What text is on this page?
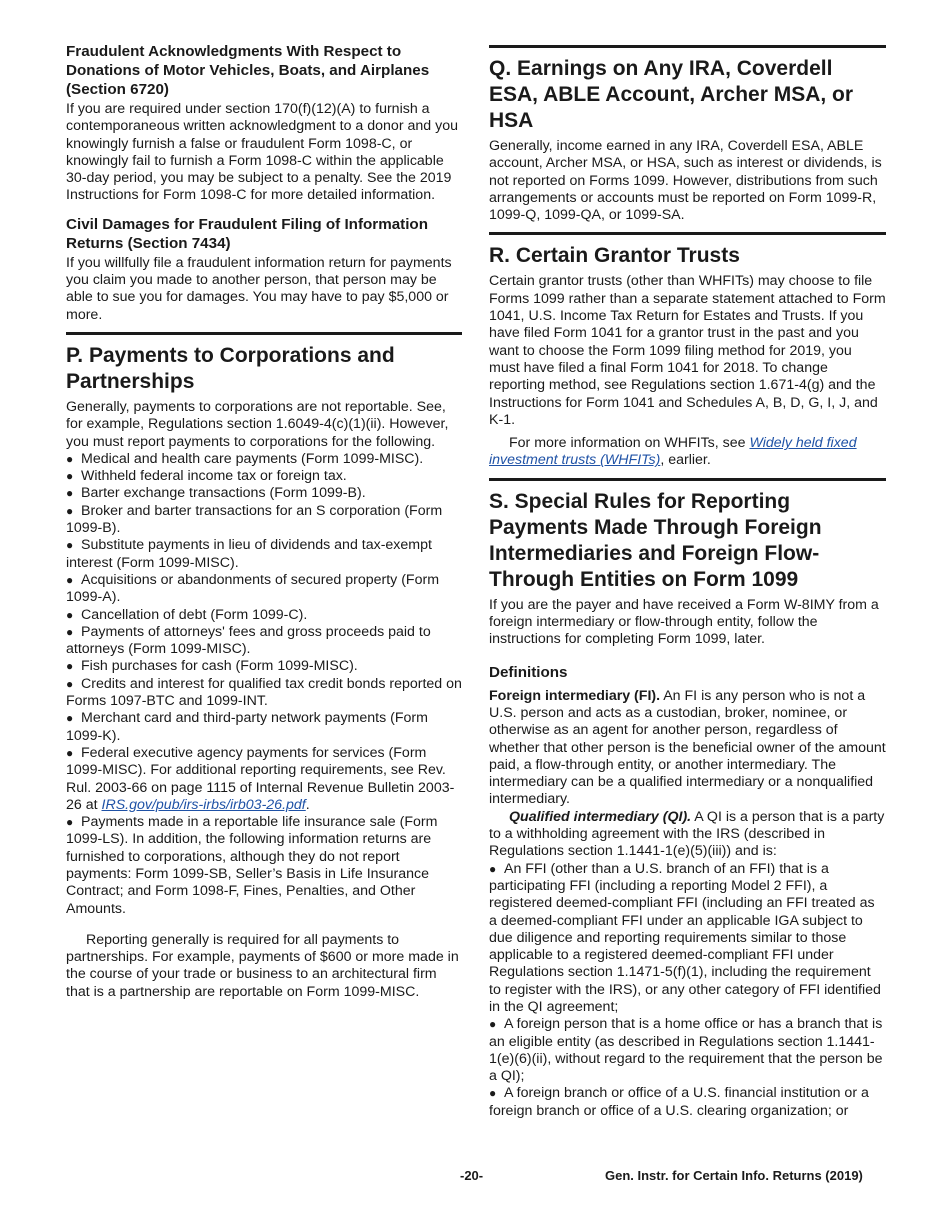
Fraudulent Acknowledgments With Respect to Donations of Motor Vehicles, Boats, and Airplanes (Section 6720)

If you are required under section 170(f)(12)(A) to furnish a contemporaneous written acknowledgment to a donor and you knowingly furnish a false or fraudulent Form 1098-C, or knowingly fail to furnish a Form 1098-C within the applicable 30-day period, you may be subject to a penalty. See the 2019 Instructions for Form 1098-C for more detailed information.

Civil Damages for Fraudulent Filing of Information Returns (Section 7434)

If you willfully file a fraudulent information return for payments you claim you made to another person, that person may be able to sue you for damages. You may have to pay $5,000 or more.

P. Payments to Corporations and Partnerships

Generally, payments to corporations are not reportable. See, for example, Regulations section 1.6049-4(c)(1)(ii). However, you must report payments to corporations for the following.

● Medical and health care payments (Form 1099-MISC).
● Withheld federal income tax or foreign tax.
● Barter exchange transactions (Form 1099-B).
● Broker and barter transactions for an S corporation (Form 1099-B).
● Substitute payments in lieu of dividends and tax-exempt interest (Form 1099-MISC).
● Acquisitions or abandonments of secured property (Form 1099-A).
● Cancellation of debt (Form 1099-C).
● Payments of attorneys' fees and gross proceeds paid to attorneys (Form 1099-MISC).
● Fish purchases for cash (Form 1099-MISC).
● Credits and interest for qualified tax credit bonds reported on Forms 1097-BTC and 1099-INT.
● Merchant card and third-party network payments (Form 1099-K).
● Federal executive agency payments for services (Form 1099-MISC). For additional reporting requirements, see Rev. Rul. 2003-66 on page 1115 of Internal Revenue Bulletin 2003-26 at IRS.gov/pub/irs-irbs/irb03-26.pdf.
● Payments made in a reportable life insurance sale (Form 1099-LS). In addition, the following information returns are furnished to corporations, although they do not report payments: Form 1099-SB, Seller’s Basis in Life Insurance Contract; and Form 1098-F, Fines, Penalties, and Other Amounts.

Reporting generally is required for all payments to partnerships. For example, payments of $600 or more made in the course of your trade or business to an architectural firm that is a partnership are reportable on Form 1099-MISC.

Q. Earnings on Any IRA, Coverdell ESA, ABLE Account, Archer MSA, or HSA

Generally, income earned in any IRA, Coverdell ESA, ABLE account, Archer MSA, or HSA, such as interest or dividends, is not reported on Forms 1099. However, distributions from such arrangements or accounts must be reported on Form 1099-R, 1099-Q, 1099-QA, or 1099-SA.

R. Certain Grantor Trusts

Certain grantor trusts (other than WHFITs) may choose to file Forms 1099 rather than a separate statement attached to Form 1041, U.S. Income Tax Return for Estates and Trusts. If you have filed Form 1041 for a grantor trust in the past and you want to choose the Form 1099 filing method for 2019, you must have filed a final Form 1041 for 2018. To change reporting method, see Regulations section 1.671-4(g) and the Instructions for Form 1041 and Schedules A, B, D, G, I, J, and K-1.

For more information on WHFITs, see Widely held fixed investment trusts (WHFITs), earlier.

S. Special Rules for Reporting Payments Made Through Foreign Intermediaries and Foreign Flow-Through Entities on Form 1099

If you are the payer and have received a Form W-8IMY from a foreign intermediary or flow-through entity, follow the instructions for completing Form 1099, later.

Definitions

Foreign intermediary (FI). An FI is any person who is not a U.S. person and acts as a custodian, broker, nominee, or otherwise as an agent for another person, regardless of whether that other person is the beneficial owner of the amount paid, a flow-through entity, or another intermediary. The intermediary can be a qualified intermediary or a nonqualified intermediary.

Qualified intermediary (QI). A QI is a person that is a party to a withholding agreement with the IRS (described in Regulations section 1.1441-1(e)(5)(iii)) and is:

● An FFI (other than a U.S. branch of an FFI) that is a participating FFI (including a reporting Model 2 FFI), a registered deemed-compliant FFI (including an FFI treated as a deemed-compliant FFI under an applicable IGA subject to due diligence and reporting requirements similar to those applicable to a registered deemed-compliant FFI under Regulations section 1.1471-5(f)(1), including the requirement to register with the IRS), or any other category of FFI identified in the QI agreement;
● A foreign person that is a home office or has a branch that is an eligible entity (as described in Regulations section 1.1441-1(e)(6)(ii), without regard to the requirement that the person be a QI);
● A foreign branch or office of a U.S. financial institution or a foreign branch or office of a U.S. clearing organization; or
-20-	Gen. Instr. for Certain Info. Returns (2019)
